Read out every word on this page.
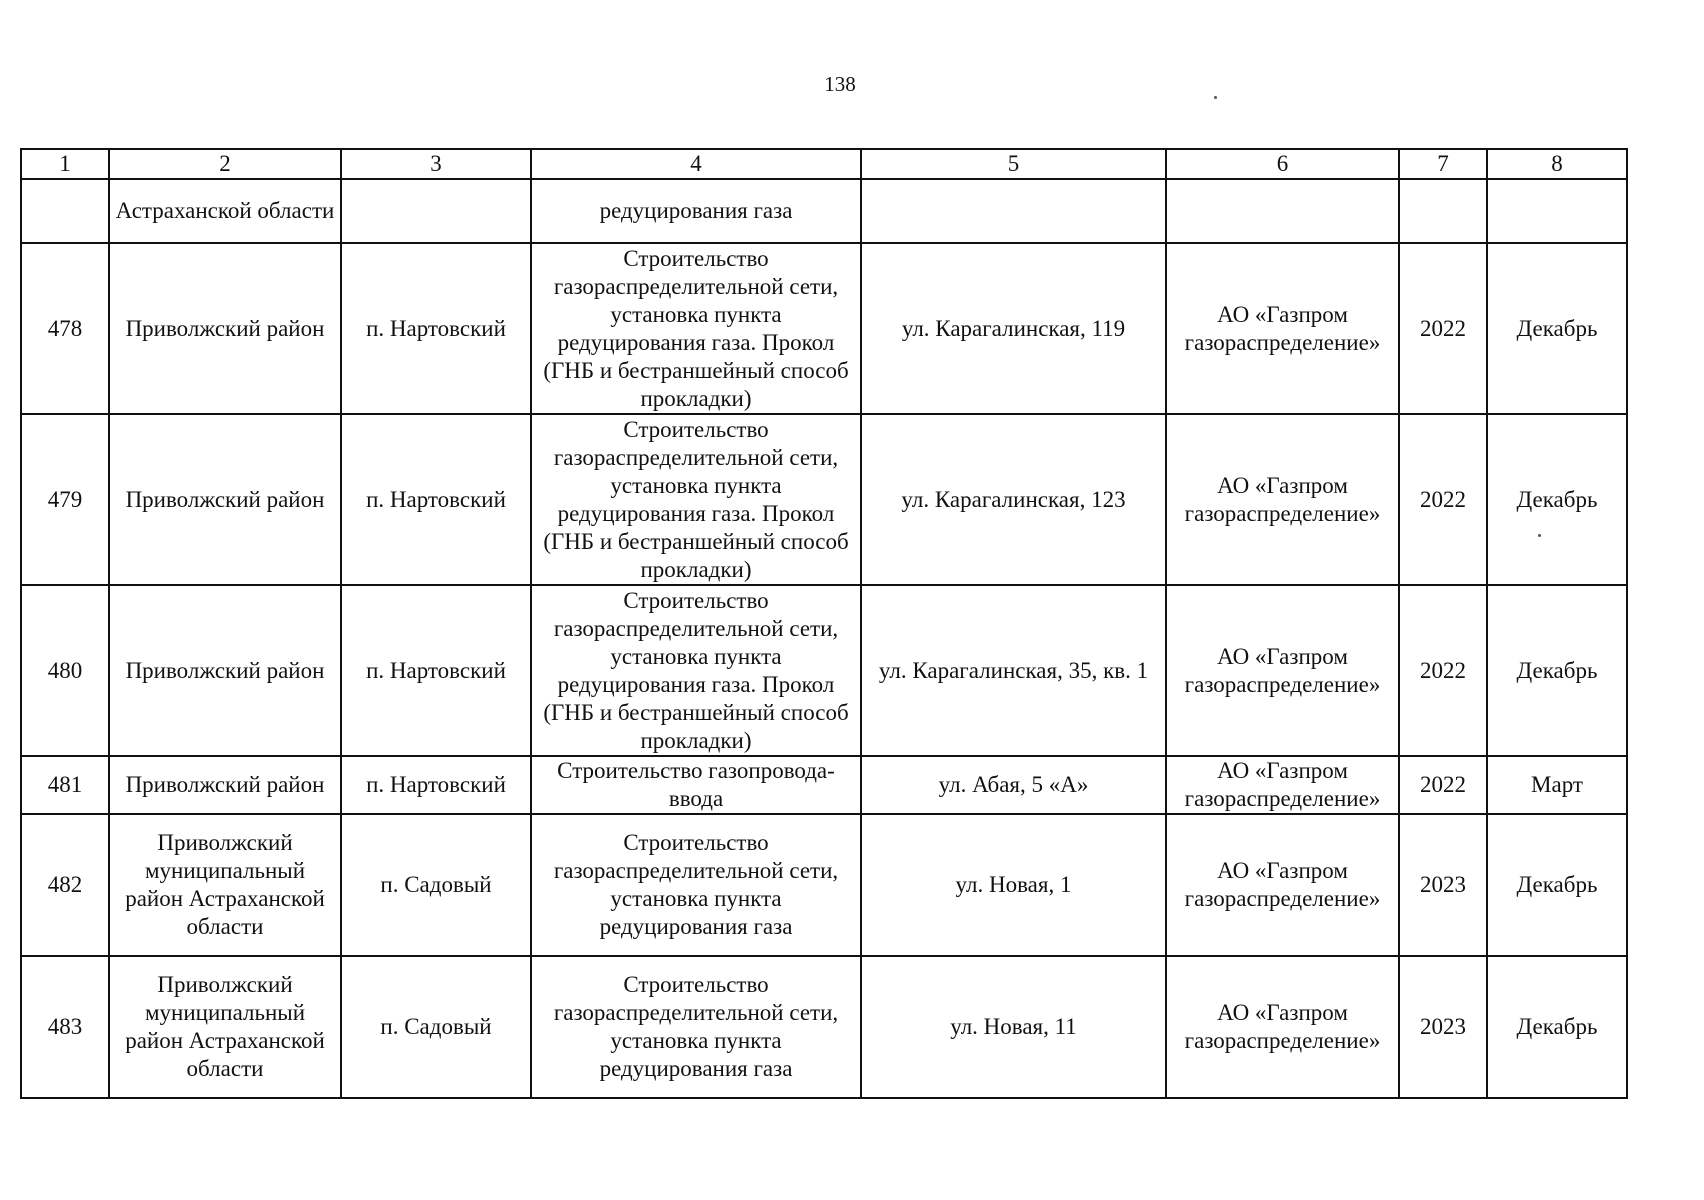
138
1	2	3	4	5	6	7	8
	Астраханской области		редуцирования газа				
478	Приволжский район	п. Нартовский	Строительство газораспределительной сети, установка пункта редуцирования газа. Прокол (ГНБ и бестраншейный способ прокладки)	ул. Карагалинская, 119	АО «Газпром газораспределение»	2022	Декабрь
479	Приволжский район	п. Нартовский	Строительство газораспределительной сети, установка пункта редуцирования газа. Прокол (ГНБ и бестраншейный способ прокладки)	ул. Карагалинская, 123	АО «Газпром газораспределение»	2022	Декабрь
480	Приволжский район	п. Нартовский	Строительство газораспределительной сети, установка пункта редуцирования газа. Прокол (ГНБ и бестраншейный способ прокладки)	ул. Карагалинская, 35, кв. 1	АО «Газпром газораспределение»	2022	Декабрь
481	Приволжский район	п. Нартовский	Строительство газопровода-ввода	ул. Абая, 5 «А»	АО «Газпром газораспределение»	2022	Март
482	Приволжский муниципальный район Астраханской области	п. Садовый	Строительство газораспределительной сети, установка пункта редуцирования газа	ул. Новая, 1	АО «Газпром газораспределение»	2023	Декабрь
483	Приволжский муниципальный район Астраханской области	п. Садовый	Строительство газораспределительной сети, установка пункта редуцирования газа	ул. Новая, 11	АО «Газпром газораспределение»	2023	Декабрь
